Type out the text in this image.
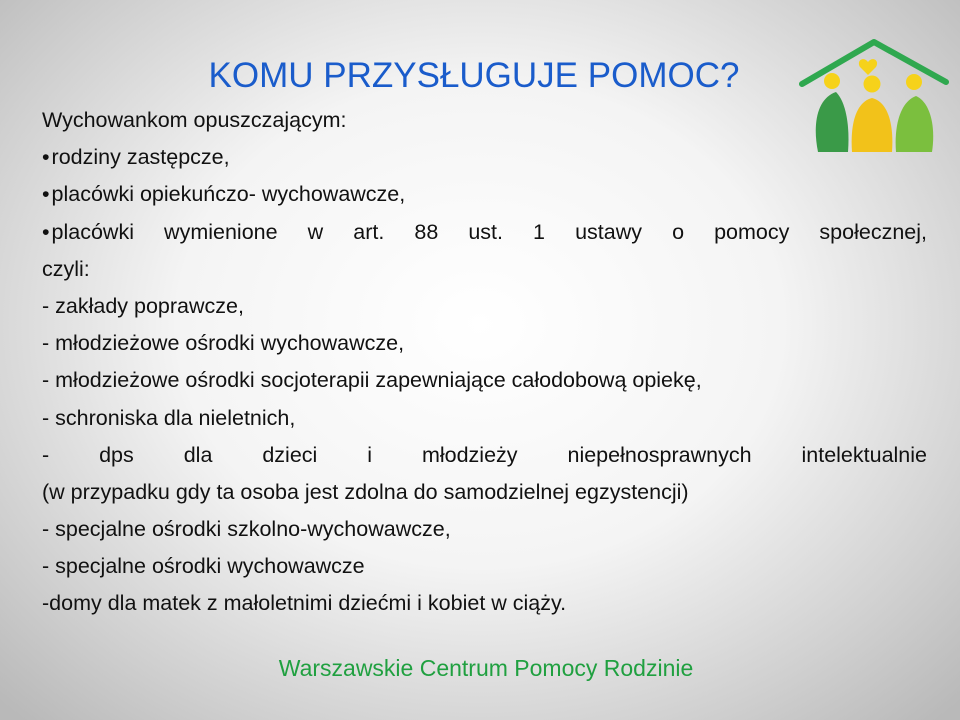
KOMU PRZYSŁUGUJE POMOC?
Wychowankom opuszczającym:
• rodziny zastępcze,
• placówki opiekuńczo- wychowawcze,
• placówki wymienione w art. 88 ust. 1 ustawy o pomocy społecznej,
czyli:
- zakłady poprawcze,
- młodzieżowe ośrodki wychowawcze,
- młodzieżowe ośrodki socjoterapii zapewniające całodobową opiekę,
- schroniska dla nieletnich,
- dps dla dzieci i młodzieży niepełnosprawnych intelektualnie
(w przypadku gdy ta osoba jest zdolna do samodzielnej egzystencji)
- specjalne ośrodki szkolno-wychowawcze,
- specjalne ośrodki wychowawcze
-domy dla matek z małoletnimi dziećmi i kobiet w ciąży.
Warszawskie Centrum Pomocy Rodzinie
